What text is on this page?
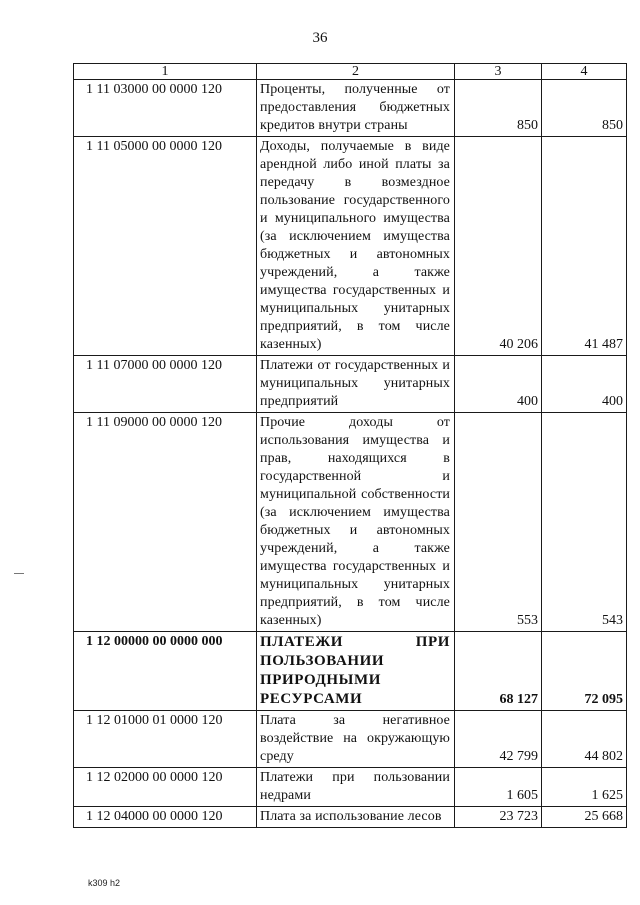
36
1	2	3	4
1 11 03000 00 0000 120	Проценты, полученные от предоставления бюджетных кредитов внутри страны	850	850
1 11 05000 00 0000 120	Доходы, получаемые в виде арендной либо иной платы за передачу в возмездное пользование государственного и муниципального имущества (за исключением имущества бюджетных и автономных учреждений, а также имущества государственных и муниципальных унитарных предприятий, в том числе казенных)	40 206	41 487
1 11 07000 00 0000 120	Платежи от государственных и муниципальных унитарных предприятий	400	400
1 11 09000 00 0000 120	Прочие доходы от использования имущества и прав, находящихся в государственной и муниципальной собственности (за исключением имущества бюджетных и автономных учреждений, а также имущества государственных и муниципальных унитарных предприятий, в том числе казенных)	553	543
1 12 00000 00 0000 000	ПЛАТЕЖИ ПРИ ПОЛЬЗОВАНИИ ПРИРОДНЫМИ РЕСУРСАМИ	68 127	72 095
1 12 01000 01 0000 120	Плата за негативное воздействие на окружающую среду	42 799	44 802
1 12 02000 00 0000 120	Платежи при пользовании недрами	1 605	1 625
1 12 04000 00 0000 120	Плата за использование лесов	23 723	25 668
k309 h2
